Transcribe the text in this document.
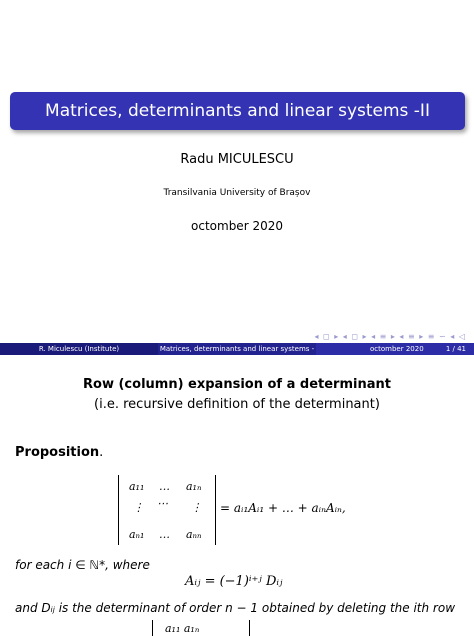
Matrices, determinants and linear systems -II
Radu MICULESCU
Transilvania University of Brașov
octomber 2020
◂ ◻ ▸ ◂ ◻ ▸ ◂ ≡ ▸ ◂ ≡ ▸ ≡ ∽ ◂ ◁
R. Miculescu (Institute)	Matrices, determinants and linear systems -	octomber 2020	1 / 41
Row (column) expansion of a determinant
(i.e. recursive definition of the determinant)
Proposition.
a₁₁ … a₁ₙ
⋮ ⋯ ⋮
aₙ₁ … aₙₙ
= aᵢ₁Aᵢ₁ + … + aᵢₙAᵢₙ,
for each i ∈ ℕ*, where
Aᵢⱼ = (−1)ⁱ⁺ʲ Dᵢⱼ
and Dᵢⱼ is the determinant of order n − 1 obtained by deleting the ith row
a₁₁ a₁ₙ
